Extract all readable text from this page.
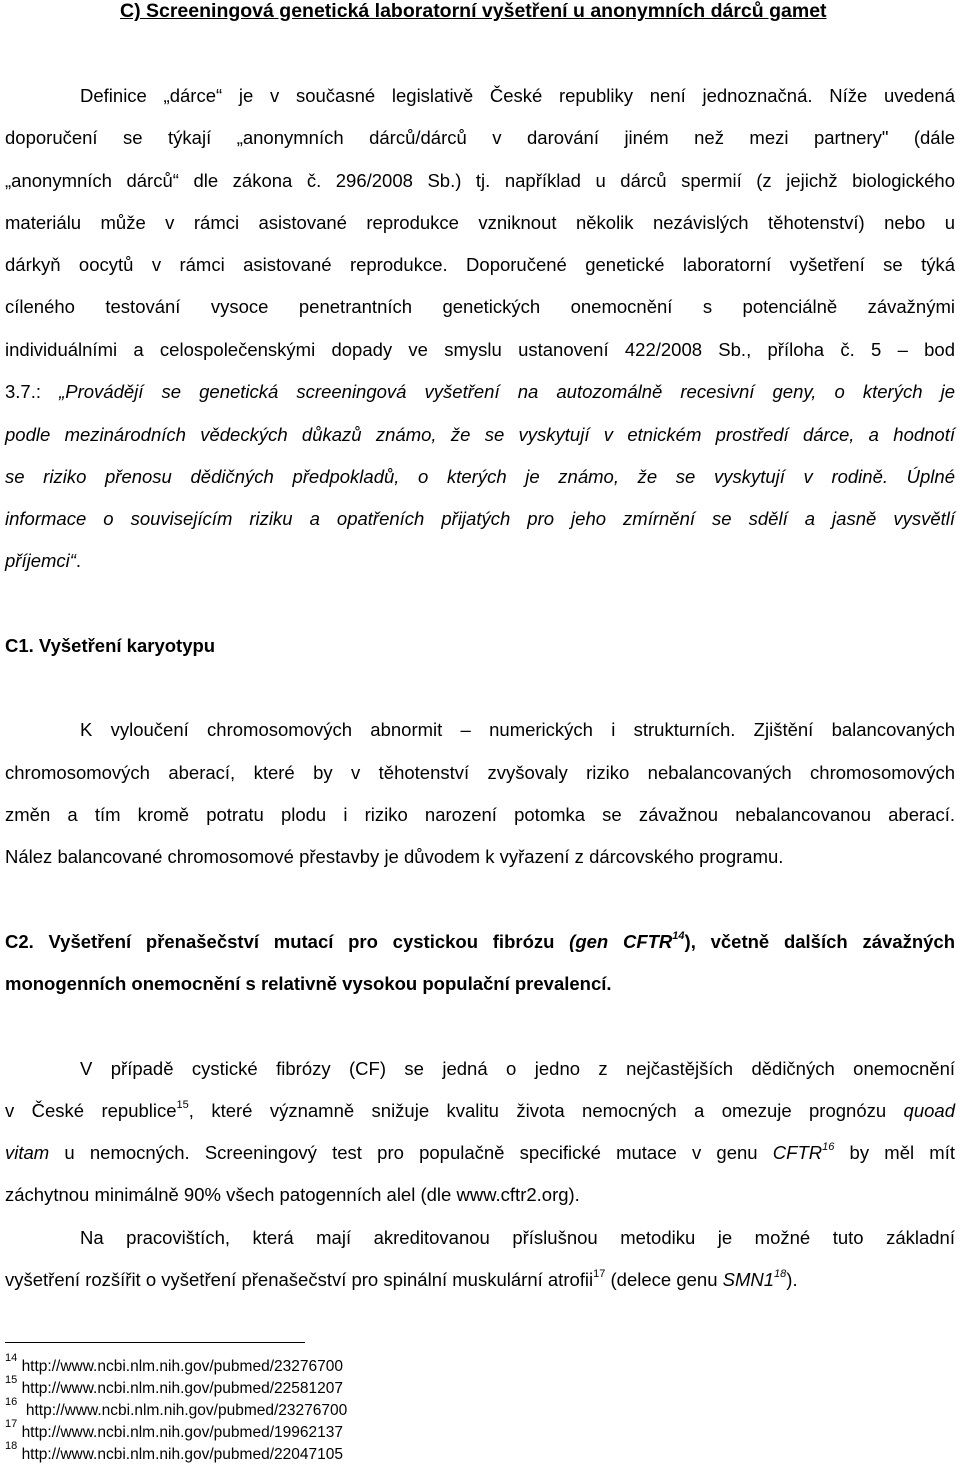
C) Screeningová genetická laboratorní vyšetření u anonymních dárců gamet
Definice „dárce“ je v současné legislativě České republiky není jednoznačná. Níže uvedená
doporučení se týkají „anonymních dárců/dárců v darování jiném než mezi partnery" (dále
„anonymních dárců“ dle zákona č. 296/2008 Sb.) tj. například u dárců spermií (z jejichž biologického
materiálu může v rámci asistované reprodukce vzniknout několik nezávislých těhotenství) nebo u
dárkyň oocytů v rámci asistované reprodukce. Doporučené genetické laboratorní vyšetření se týká
cíleného testování vysoce penetrantních genetických onemocnění s potenciálně závažnými
individuálními a celospolečenskými dopady ve smyslu ustanovení 422/2008 Sb., příloha č. 5 – bod
3.7.: „Provádějí se genetická screeningová vyšetření na autozomálně recesivní geny, o kterých je
podle mezinárodních vědeckých důkazů známo, že se vyskytují v etnickém prostředí dárce, a hodnotí
se riziko přenosu dědičných předpokladů, o kterých je známo, že se vyskytují v rodině. Úplné
informace o souvisejícím riziku a opatřeních přijatých pro jeho zmírnění se sdělí a jasně vysvětlí
příjemci“.
C1. Vyšetření karyotypu
K vyloučení chromosomových abnormit – numerických i strukturních. Zjištění balancovaných
chromosomových aberací, které by v těhotenství zvyšovaly riziko nebalancovaných chromosomových
změn a tím kromě potratu plodu i riziko narození potomka se závažnou nebalancovanou aberací.
Nález balancované chromosomové přestavby je důvodem k vyřazení z dárcovského programu.
C2. Vyšetření přenašečství mutací pro cystickou fibrózu (gen CFTR$^{14}$), včetně dalších závažných
monogenních onemocnění s relativně vysokou populační prevalencí.
V případě cystické fibrózy (CF) se jedná o jedno z nejčastějších dědičných onemocnění
v České republice$^{15}$, které významně snižuje kvalitu života nemocných a omezuje prognózu quoad
vitam u nemocných. Screeningový test pro populačně specifické mutace v genu CFTR$^{16}$ by měl mít
záchytnou minimálně 90% všech patogenních alel (dle www.cftr2.org).
Na pracovištích, která mají akreditovanou příslušnou metodiku je možné tuto základní
vyšetření rozšířit o vyšetření přenašečství pro spinální muskulární atrofii$^{17}$ (delece genu $SMN1^{18}$).
$^{14}$ http://www.ncbi.nlm.nih.gov/pubmed/23276700
$^{15}$ http://www.ncbi.nlm.nih.gov/pubmed/22581207
$^{16}$  http://www.ncbi.nlm.nih.gov/pubmed/23276700
$^{17}$ http://www.ncbi.nlm.nih.gov/pubmed/19962137
$^{18}$ http://www.ncbi.nlm.nih.gov/pubmed/22047105
